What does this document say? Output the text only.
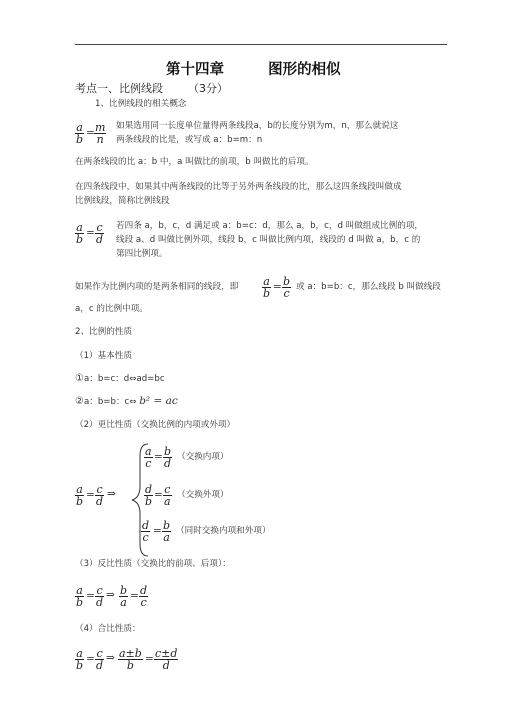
第十四章	图形的相似
考点一、比例线段 （3分）
1、比例线段的相关概念
$\frac{a}{b} = \frac{m}{n}$ 如果选用同一长度单位量得两条线段a，b的长度分别为m，n，那么就说这
两条线段的比是，或写成 a：b=m：n
在两条线段的比 a：b 中，a 叫做比的前项，b 叫做比的后项。
在四条线段中，如果其中两条线段的比等于另外两条线段的比，那么这四条线段叫做成
比例线段，简称比例线段
$\frac{a}{b} = \frac{c}{d}$ 若四条 a，b，c，d 满足或 a：b=c：d，那么 a，b，c，d 叫做组成比例的项，
线段 a、d 叫做比例外项，线段 b，c 叫做比例内项，线段的 d 叫做 a，b，c 的
第四比例项。
如果作为比例内项的是两条相同的线段，即 $\frac{a}{b} = \frac{b}{c}$ 或 a：b=b：c，那么线段 b 叫做线段
a，c 的比例中项。
2、比例的性质
（1）基本性质
①a：b=c：d⇔ad=bc
②a：b=b：c⇔ b² = ac
（2）更比性质（交换比例的内项或外项）
$\frac{a}{b} = \frac{c}{d}$ ⇒
$\frac{a}{c} = \frac{b}{d}$ （交换内项）
$\frac{d}{b} = \frac{c}{a}$ （交换外项）
$\frac{d}{c} = \frac{b}{a}$ （同时交换内项和外项）
（3）反比性质（交换比的前项、后项）：
$\frac{a}{b} = \frac{c}{d}$ ⇒ $\frac{b}{a} = \frac{d}{c}$
（4）合比性质：
$\frac{a}{b} = \frac{c}{d}$ ⇒ $\frac{a\pm b}{b} = \frac{c\pm d}{d}$
